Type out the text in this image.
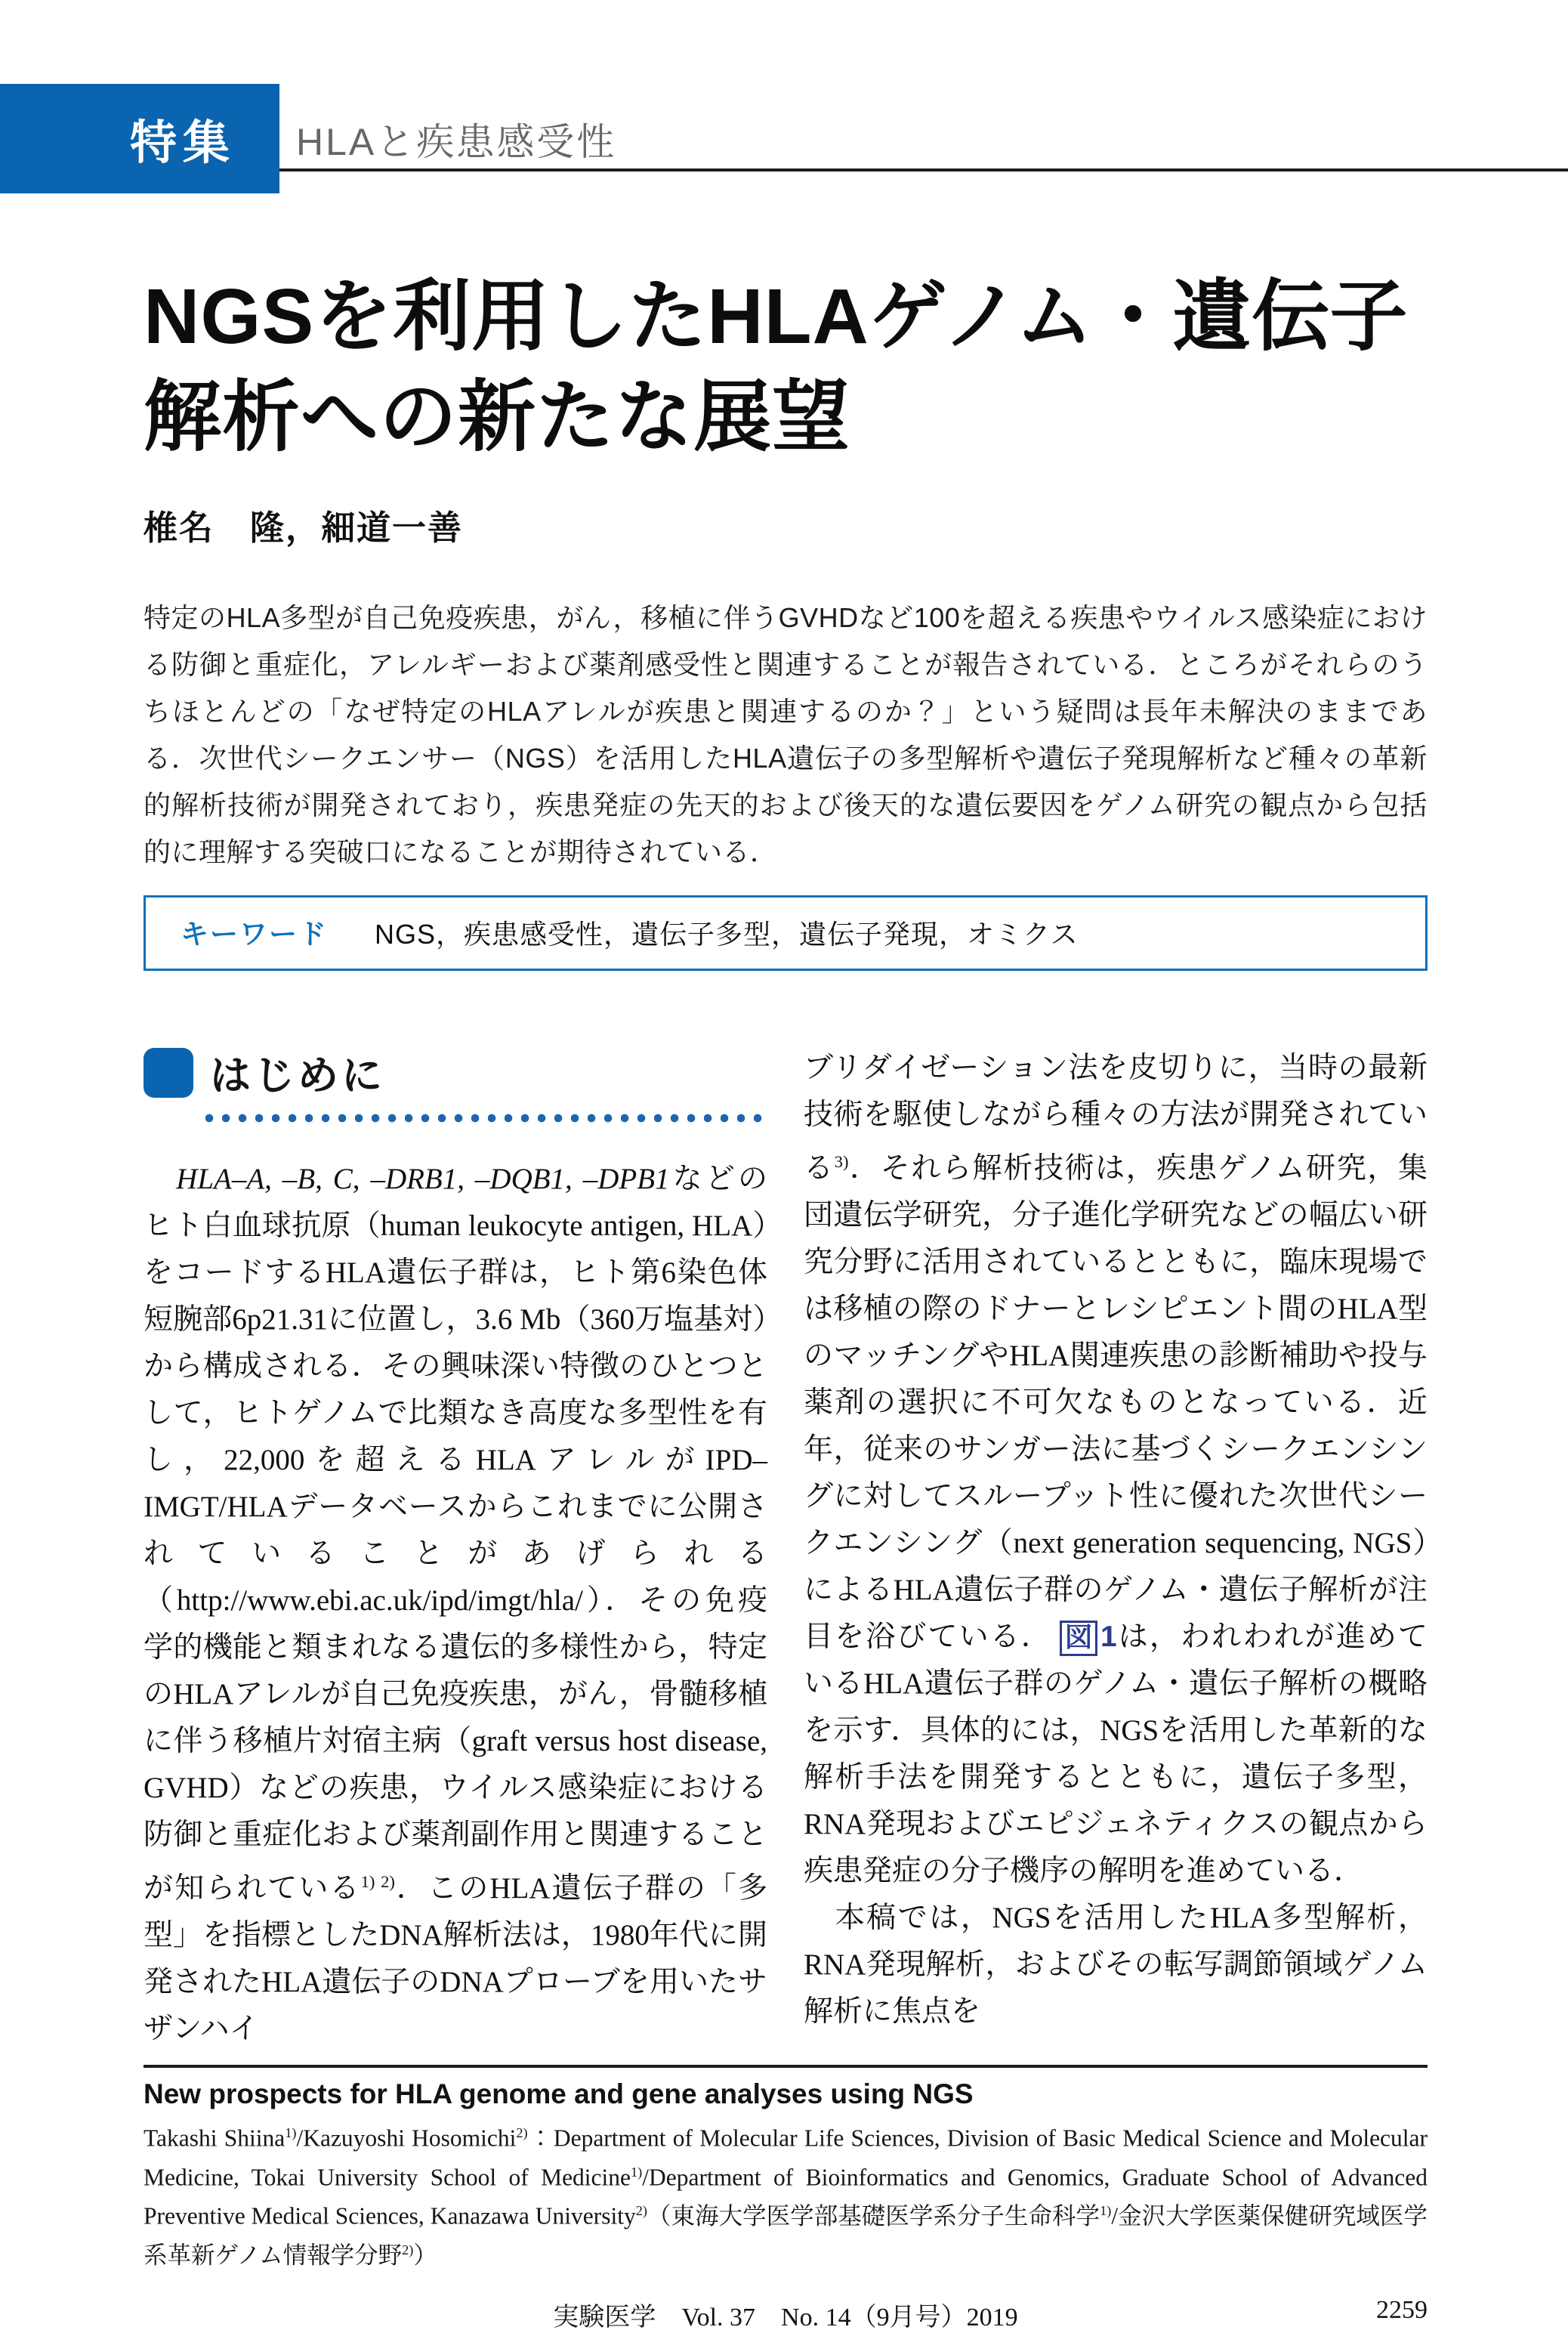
特集 HLAと疾患感受性
NGSを利用したHLAゲノム・遺伝子
解析への新たな展望
椎名　隆，細道一善
特定のHLA多型が自己免疫疾患，がん，移植に伴うGVHDなど100を超える疾患やウイルス感染症における防御と重症化，アレルギーおよび薬剤感受性と関連することが報告されている．ところがそれらのうちほとんどの「なぜ特定のHLAアレルが疾患と関連するのか？」という疑問は長年未解決のままである．次世代シークエンサー（NGS）を活用したHLA遺伝子の多型解析や遺伝子発現解析など種々の革新的解析技術が開発されており，疾患発症の先天的および後天的な遺伝要因をゲノム研究の観点から包括的に理解する突破口になることが期待されている．
キーワード NGS，疾患感受性，遺伝子多型，遺伝子発現，オミクス
はじめに

　HLA–A, –B, C, –DRB1, –DQB1, –DPB1などのヒト白血球抗原（human leukocyte antigen, HLA）をコードするHLA遺伝子群は，ヒト第6染色体短腕部6p21.31に位置し，3.6 Mb（360万塩基対）から構成される．その興味深い特徴のひとつとして，ヒトゲノムで比類なき高度な多型性を有し，22,000を超えるHLAアレルがIPD–IMGT/HLAデータベースからこれまでに公開されていることがあげられる（http://www.ebi.ac.uk/ipd/imgt/hla/）．その免疫学的機能と類まれなる遺伝的多様性から，特定のHLAアレルが自己免疫疾患，がん，骨髄移植に伴う移植片対宿主病（graft versus host disease, GVHD）などの疾患，ウイルス感染症における防御と重症化および薬剤副作用と関連することが知られている$^{1) 2)}$．このHLA遺伝子群の「多型」を指標としたDNA解析法は，1980年代に開発されたHLA遺伝子のDNAプローブを用いたサザンハイ

ブリダイゼーション法を皮切りに，当時の最新技術を駆使しながら種々の方法が開発されている$^{3)}$．それら解析技術は，疾患ゲノム研究，集団遺伝学研究，分子進化学研究などの幅広い研究分野に活用されているとともに，臨床現場では移植の際のドナーとレシピエント間のHLA型のマッチングやHLA関連疾患の診断補助や投与薬剤の選択に不可欠なものとなっている．近年，従来のサンガー法に基づくシークエンシングに対してスループット性に優れた次世代シークエンシング（next generation sequencing, NGS）によるHLA遺伝子群のゲノム・遺伝子解析が注目を浴びている． 図 1は，われわれが進めているHLA遺伝子群のゲノム・遺伝子解析の概略を示す．具体的には，NGSを活用した革新的な解析手法を開発するとともに，遺伝子多型，RNA発現およびエピジェネティクスの観点から疾患発症の分子機序の解明を進めている．

　本稿では，NGSを活用したHLA多型解析，RNA発現解析，およびその転写調節領域ゲノム解析に焦点を

New prospects for HLA genome and gene analyses using NGS
Takashi Shiina$^{1)}$/Kazuyoshi Hosomichi$^{2)}$：Department of Molecular Life Sciences, Division of Basic Medical Science and Molecular Medicine, Tokai University School of Medicine$^{1)}$/Department of Bioinformatics and Genomics, Graduate School of Advanced Preventive Medical Sciences, Kanazawa University$^{2)}$（東海大学医学部基礎医学系分子生命科学$^{1)}$/金沢大学医薬保健研究域医学系革新ゲノム情報学分野$^{2)}$）
実験医学　Vol. 37　No. 14（9月号）2019	2259
